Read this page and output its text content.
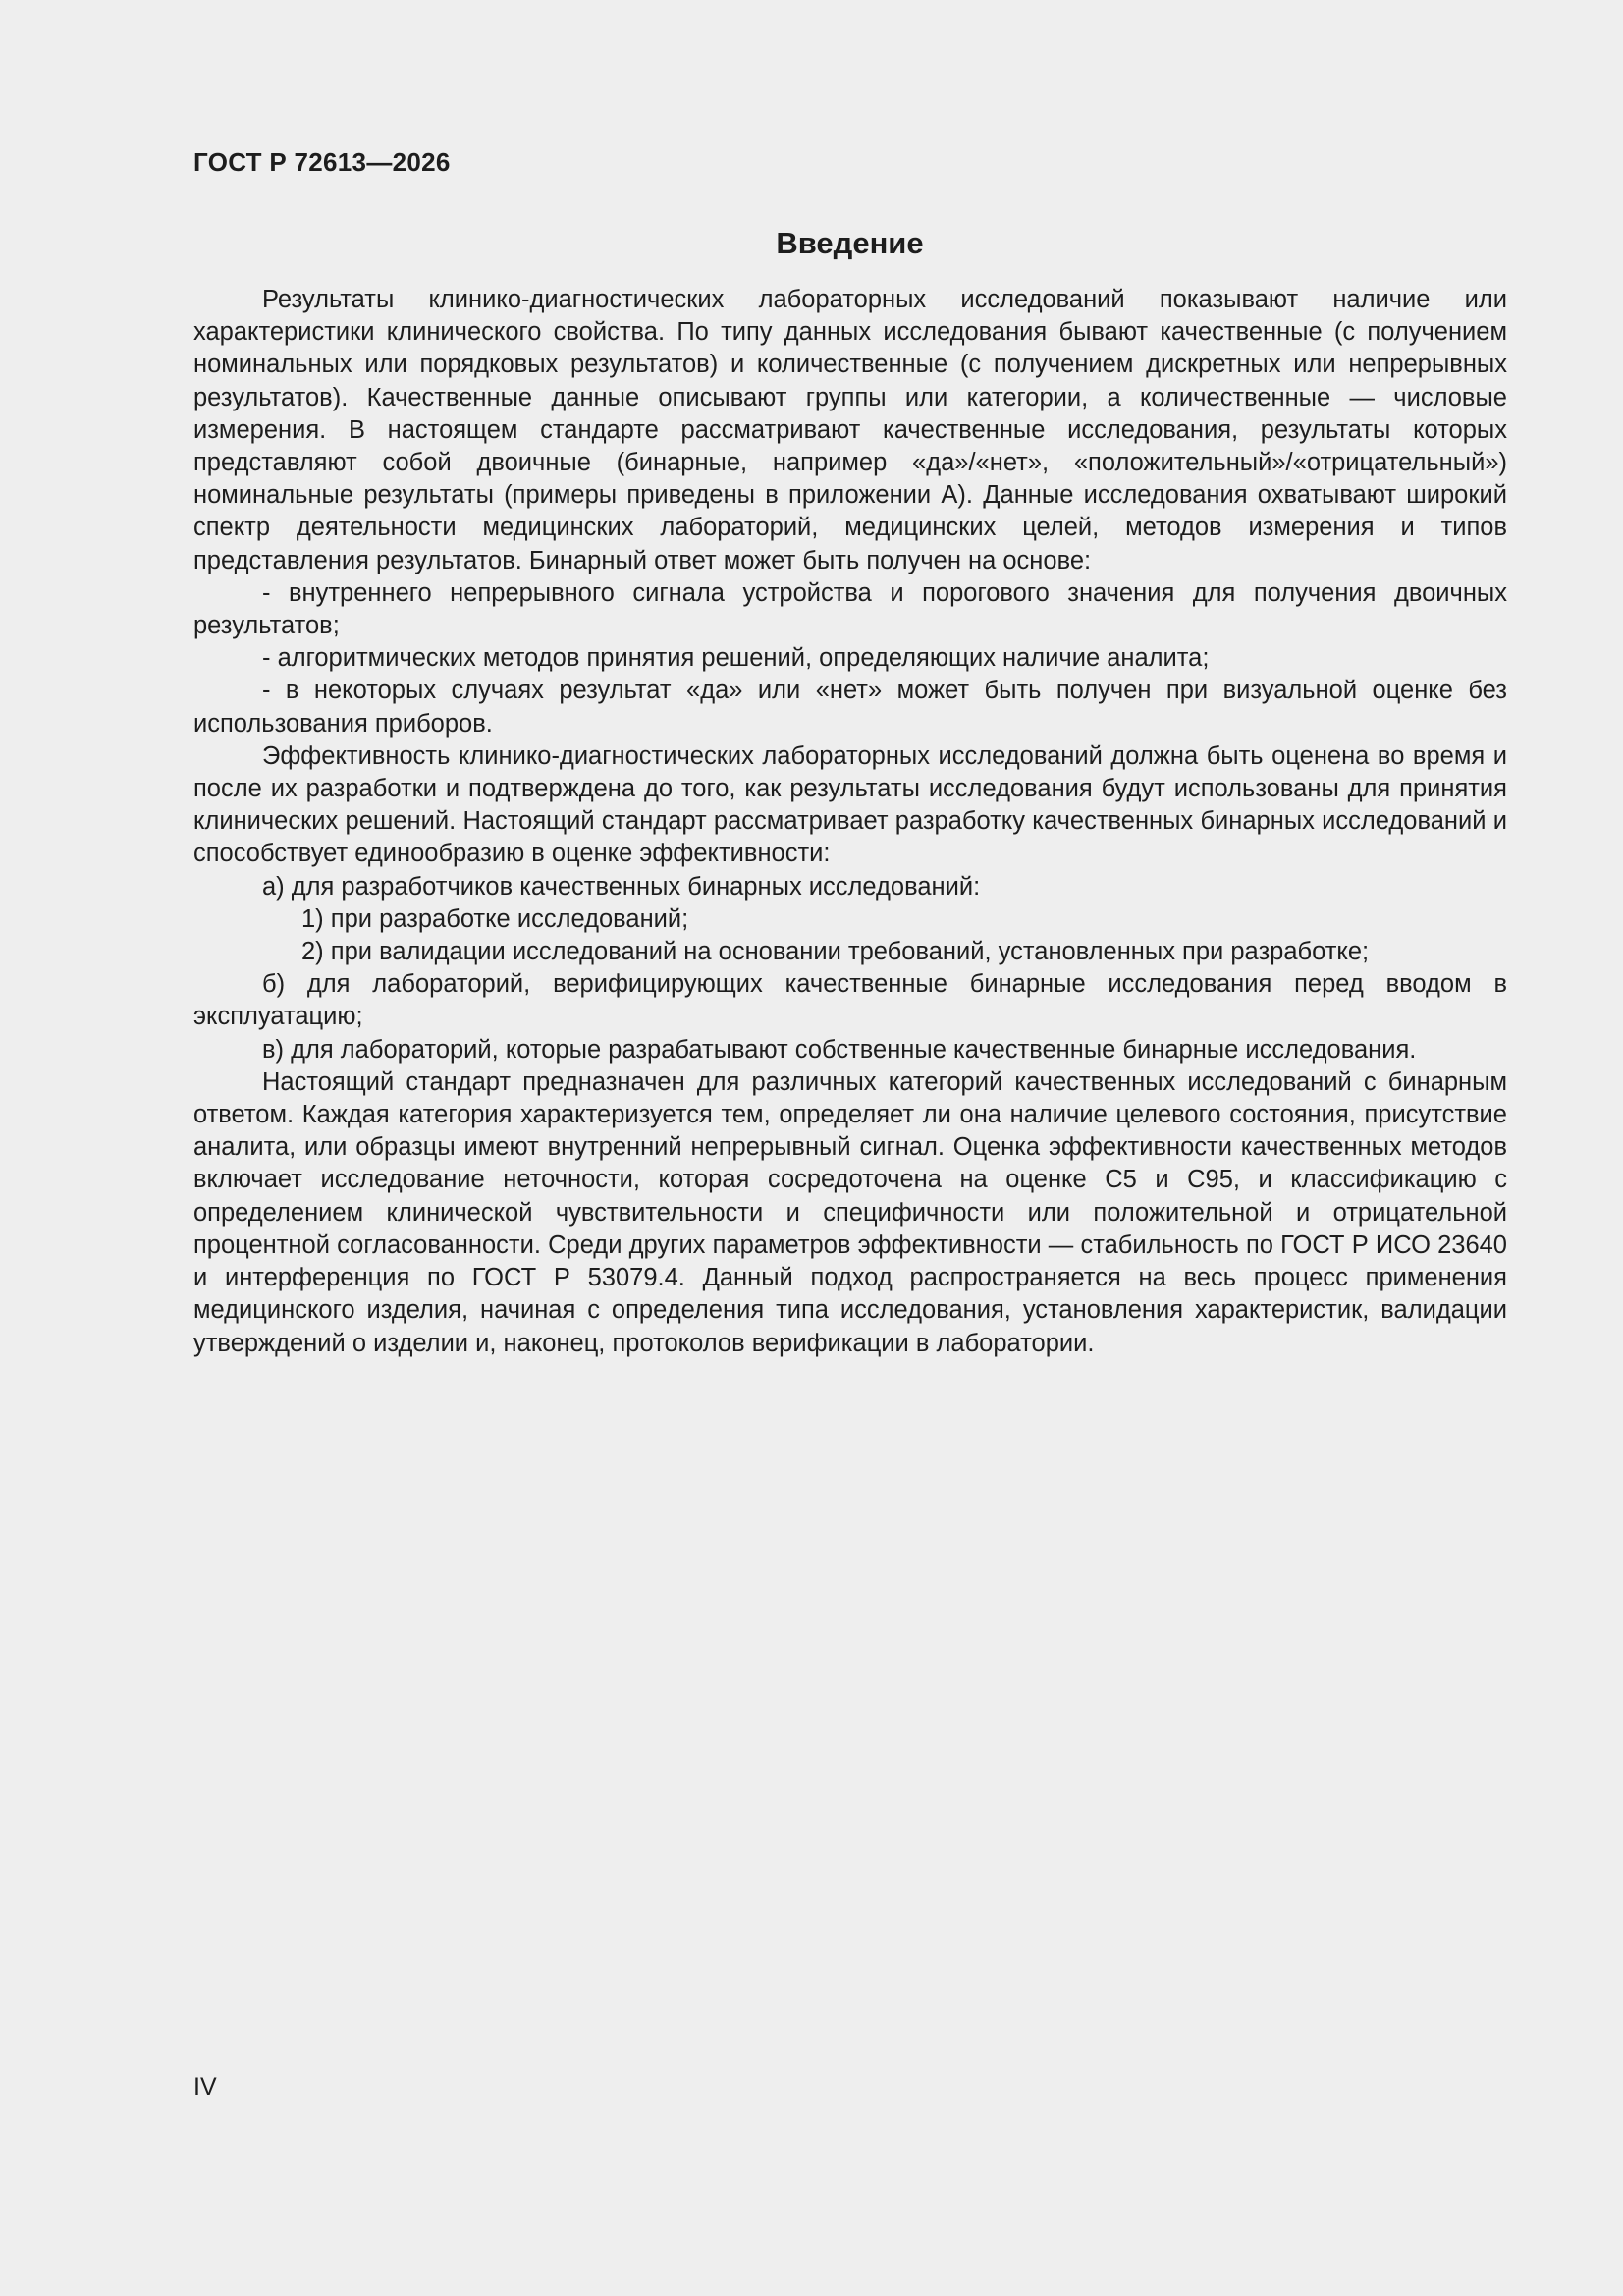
ГОСТ Р 72613—2026
Введение

Результаты клинико-диагностических лабораторных исследований показывают наличие или характеристики клинического свойства. По типу данных исследования бывают качественные (с получением номинальных или порядковых результатов) и количественные (с получением дискретных или непрерывных результатов). Качественные данные описывают группы или категории, а количественные — числовые измерения. В настоящем стандарте рассматривают качественные исследования, результаты которых представляют собой двоичные (бинарные, например «да»/«нет», «положительный»/«отрицательный») номинальные результаты (примеры приведены в приложении А). Данные исследования охватывают широкий спектр деятельности медицинских лабораторий, медицинских целей, методов измерения и типов представления результатов. Бинарный ответ может быть получен на основе:

- внутреннего непрерывного сигнала устройства и порогового значения для получения двоичных результатов;

- алгоритмических методов принятия решений, определяющих наличие аналита;

- в некоторых случаях результат «да» или «нет» может быть получен при визуальной оценке без использования приборов.

Эффективность клинико-диагностических лабораторных исследований должна быть оценена во время и после их разработки и подтверждена до того, как результаты исследования будут использованы для принятия клинических решений. Настоящий стандарт рассматривает разработку качественных бинарных исследований и способствует единообразию в оценке эффективности:

а) для разработчиков качественных бинарных исследований:

1) при разработке исследований;

2) при валидации исследований на основании требований, установленных при разработке;

б) для лабораторий, верифицирующих качественные бинарные исследования перед вводом в эксплуатацию;

в) для лабораторий, которые разрабатывают собственные качественные бинарные исследования.

Настоящий стандарт предназначен для различных категорий качественных исследований с бинарным ответом. Каждая категория характеризуется тем, определяет ли она наличие целевого состояния, присутствие аналита, или образцы имеют внутренний непрерывный сигнал. Оценка эффективности качественных методов включает исследование неточности, которая сосредоточена на оценке С5 и С95, и классификацию с определением клинической чувствительности и специфичности или положительной и отрицательной процентной согласованности. Среди других параметров эффективности — стабильность по ГОСТ Р ИСО 23640 и интерференция по ГОСТ Р 53079.4. Данный подход распространяется на весь процесс применения медицинского изделия, начиная с определения типа исследования, установления характеристик, валидации утверждений о изделии и, наконец, протоколов верификации в лаборатории.

IV
